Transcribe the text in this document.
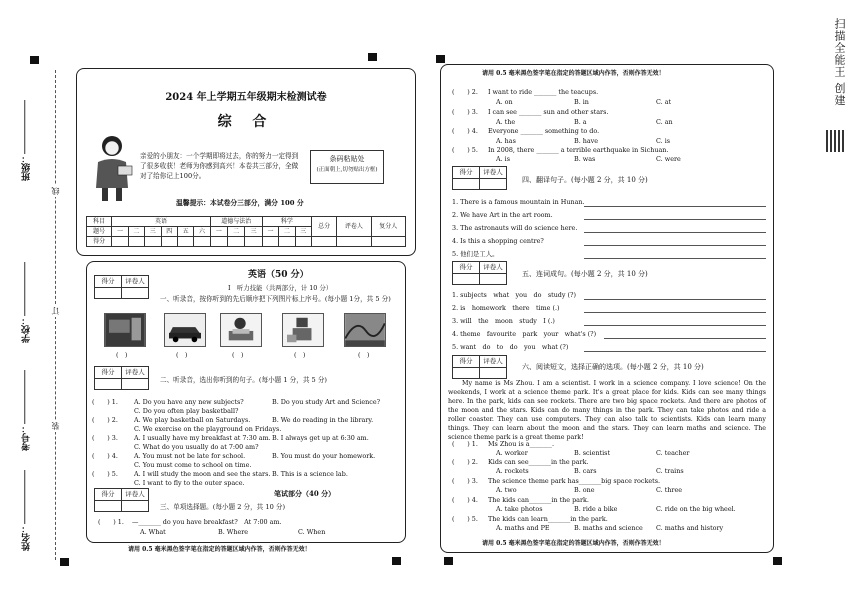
姓名：
考号：
学校：
班级：
线
订
装
扫描全能王 创建
2024 年上学期五年级期末检测试卷
综 合
亲爱的小朋友：一个学期即将过去，你的努力一定得到了很多收获！老师为你感到高兴！本卷共三部分，全做对了给你记上100分。
条码粘贴处
(正面朝上,切勿贴出方框)
温馨提示：本试卷分三部分，满分 100 分
科目	英语						道德与法治			科学			总分	评卷人	复分人
题号	一	二	三	四	五	六	一	二	三	一	二	三			
得分															
得分	评卷人
英语（50 分）
Ⅰ　听力技能（共两部分，计 10 分）
一、听录音，按你听到的先后顺序把下列图片标上序号。(每小题 1分，共 5 分)
(　)	(　)	(　)	(　)	(　)
得分	评卷人
二、听录音，选出你听到的句子。(每小题 1 分，共 5 分)
(　　) 1.	A. Do you have any new subjects?	B. Do you study Art and Science?
C. Do you often play basketball?
(　　) 2.	A. We play basketball on Saturdays.	B. We do reading in the library.
C. We exercise on the playground on Fridays.
(　　) 3.	A. I usually have my breakfast at 7:30 am. B. I always get up at 6:30 am.
C. What do you usually do at 7:00 am?
(　　) 4.	A. You must not be late for school.	B. You must do your homework.
C. You must come to school on time.
(　　) 5.	A. I will study the moon and see the stars. B. This is a science lab.
C. I want to fly to the outer space.
笔试部分（40 分）
得分	评卷人
三、单项选择题。(每小题 2 分，共 10 分)
(　　) 1. —_______ do you have breakfast?　At 7:00 am.
A. What	B. Where	C. When
请用 0.5 毫米黑色签字笔在指定的答题区域内作答，否则作答无效！
请用 0.5 毫米黑色签字笔在指定的答题区域内作答，否则作答无效！
(　　) 2. I want to ride _______ the teacups.
A. on	B. in	C. at
(　　) 3. I can see _______ sun and other stars.
A. the	B. a	C. an
(　　) 4. Everyone _______ something to do.
A. has	B. have	C. is
(　　) 5. In 2008, there _______ a terrible earthquake in Sichuan.
A. is	B. was	C. were
得分	评卷人
四、翻译句子。(每小题 2 分，共 10 分)
1. There is a famous mountain in Hunan.
2. We have Art in the art room.
3. The astronauts will do science here.
4. Is this a shopping centre?
5. 他们是工人。
得分	评卷人
五、连词成句。(每小题 2 分，共 10 分)
1. subjects　what　you　do　study (?)
2. is　homework　there　time (.)
3. will　the　moon　study　I (.)
4. theme　favourite　park　your　what's (?)
5. want　do　to　do　you　what (?)
得分	评卷人
六、阅读短文，选择正确的选项。(每小题 2 分，共 10 分)
My name is Ms Zhou. I am a scientist. I work in a science company. I love science! On the weekends, I work at a science theme park. It's a great place for kids. Kids can see many things here. In the park, kids can see rockets. There are two big space rockets. And there are photos of the moon and the stars. Kids can do many things in the park. They can take photos and ride a roller coaster. They can use computers. They can also talk to scientists. Kids can learn many things. They can learn about the moon and the stars. They can learn maths and science. The science theme park is a great theme park!
(　　) 1. Ms Zhou is a_______.
A. worker	B. scientist	C. teacher
(　　) 2. Kids can see_______in the park.
A. rockets	B. cars	C. trains
(　　) 3. The science theme park has_______big space rockets.
A. two	B. one	C. three
(　　) 4. The kids can_______in the park.
A. take photos	B. ride a bike	C. ride on the big wheel.
(　　) 5. The kids can learn_______in the park.
A. maths and PE	B. maths and science C. maths and history
请用 0.5 毫米黑色签字笔在指定的答题区域内作答，否则作答无效！
